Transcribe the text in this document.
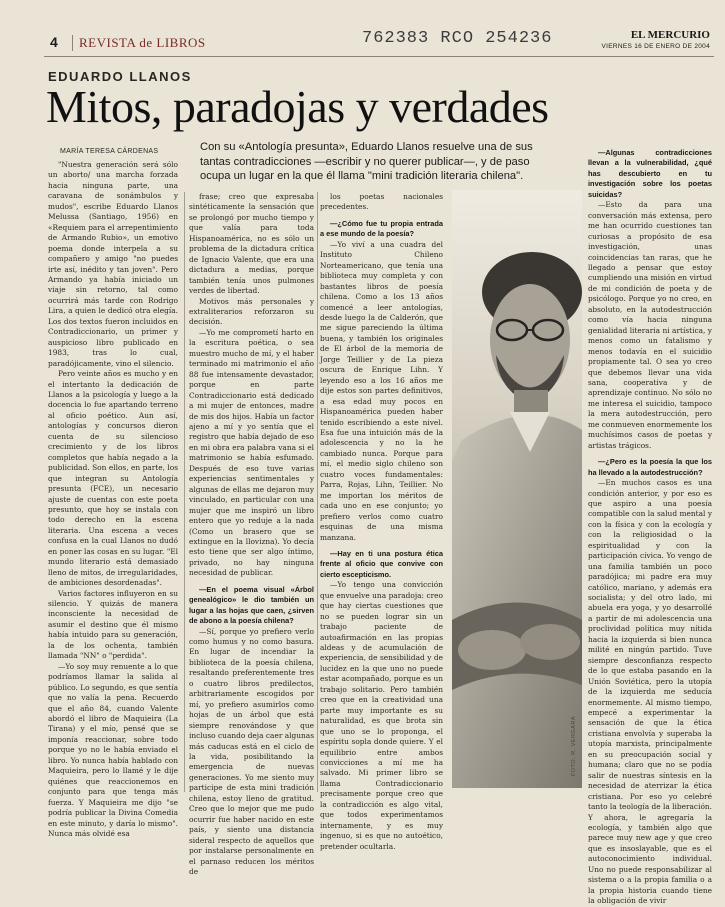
4	REVISTA de LIBROS	762383 RCO 254236	EL MERCURIO
VIERNES 16 DE ENERO DE 2004
EDUARDO LLANOS
Mitos, paradojas y verdades
MARÍA TERESA CÁRDENAS	Con su «Antología presunta», Eduardo Llanos resuelve una de sus tantas contradicciones —escribir y no querer publicar—, y de paso ocupa un lugar en la que él llama "mini tradición literaria chilena".

"Nuestra generación será sólo un aborto/ una marcha forzada hacia ninguna parte, una caravana de sonámbulos y mudos", escribe Eduardo Llanos Melussa (Santiago, 1956) en «Requiem para el arrepentimiento de Armando Rubio», un emotivo poema donde interpela a su compañero y amigo "no puedes irte así, inédito y tan joven". Pero Armando ya había iniciado un viaje sin retorno, tal como ocurrirá más tarde con Rodrigo Lira, a quien le dedicó otra elegía. Los dos textos fueron incluidos en Contradiccionario, un primer y auspicioso libro publicado en 1983, tras lo cual, paradójicamente, vino el silencio.

Pero veinte años es mucho y en el intertanto la dedicación de Llanos a la psicología y luego a la docencia lo fue apartando terreno al oficio poético. Aun así, antologías y concursos dieron cuenta de su silencioso crecimiento y de los libros completos que había negado a la publicidad. Son ellos, en parte, los que integran su Antología presunta (FCE), un necesario ajuste de cuentas con este poeta presunto, que hoy se instala con todo derecho en la escena literaria. Una escena a veces confusa en la cual Llanos no dudó en poner las cosas en su lugar. "El mundo literario está demasiado lleno de mitos, de irregularidades, de ambiciones desordenadas".

Varios factores influyeron en su silencio. Y quizás de manera inconsciente la necesidad de asumir el destino que él mismo había intuido para su generación, la de los ochenta, también llamada "NN" o "perdida".

—Yo soy muy renuente a lo que podríamos llamar la salida al público. Lo segundo, es que sentía que no valía la pena. Recuerdo que el año 84, cuando Valente abordó el libro de Maquieira (La Tirana) y el mío, pensé que se imponía reaccionar, sobre todo porque yo no le había enviado el libro. Yo nunca había hablado con Maquieira, pero lo llamé y le dije quiénes que reaccionemos en conjunto para que tenga más fuerza. Y Maquieira me dijo "se podría publicar la Divina Comedia en este minuto, y daría lo mismo". Nunca más olvidé esa

frase; creo que expresaba sintéticamente la sensación que se prolongó por mucho tiempo y que valía para toda Hispanoamérica, no es sólo un problema de la dictadura crítica de Ignacio Valente, que era una dictadura a medias, porque también tenía unos pulmones verdes de libertad.

Motivos más personales y extraliterarios reforzaron su decisión.

—Yo me comprometí harto en la escritura poética, o sea muestro mucho de mí, y el haber terminado mi matrimonio el año 88 fue intensamente devastador, porque en parte Contradiccionario está dedicado a mi mujer de entonces, madre de mis dos hijos. Había un factor ajeno a mí y yo sentía que el registro que había dejado de eso en mi obra era palabra vana si el matrimonio se había esfumado. Después de eso tuve varias experiencias sentimentales y algunas de ellas me dejaron muy vinculado, en particular con una mujer que me inspiró un libro entero que yo reduje a la nada (Como un brasero que se extingue en la llovizna). Yo decía esto tiene que ser algo íntimo, privado, no hay ninguna necesidad de publicar.

—En el poema visual «Árbol genealógico» le dio también un lugar a las hojas que caen, ¿sirven de abono a la poesía chilena?

—Sí, porque yo prefiero verlo como humus y no como basura. En lugar de incendiar la biblioteca de la poesía chilena, resaltando preferentemente tres o cuatro libros predilectos, arbitrariamente escogidos por mí, yo prefiero asumirlos como hojas de un árbol que está siempre renovándose y que incluso cuando deja caer algunas más caducas está en el ciclo de la vida, posibilitando la emergencia de nuevas generaciones. Yo me siento muy participe de esta mini tradición chilena, estoy lleno de gratitud. Creo que lo mejor que me pudo ocurrir fue haber nacido en este país, y siento una distancia sideral respecto de aquellos que por instalarse personalmente en el parnaso reducen los méritos de

los poetas nacionales precedentes.

—¿Cómo fue tu propia entrada a ese mundo de la poesía?

—Yo viví a una cuadra del Instituto Chileno Norteamericano, que tenía una biblioteca muy completa y con bastantes libros de poesía chilena. Como a los 13 años comencé a leer antologías, desde luego la de Calderón, que me sigue pareciendo la última buena, y también los originales de El árbol de la memoria de Jorge Teillier y de La pieza oscura de Enrique Lihn. Y leyendo eso a los 16 años me dije estos son partes definitivos, a esa edad muy pocos en Hispanoamérica pueden haber tenido escribiendo a este nivel. Esa fue una intuición más de la adolescencia y no la he cambiado nunca. Porque para mí, el medio siglo chileno son cuatro voces fundamentales: Parra, Rojas, Lihn, Teillier. No me importan los méritos de cada uno en ese conjunto; yo prefiero verlos como cuatro esquinas de una misma manzana.

—Hay en ti una postura ética frente al oficio que convive con cierto escepticismo.

—Yo tengo una convicción que envuelve una paradoja: creo que hay ciertas cuestiones que no se pueden lograr sin un trabajo paciente de autoafirmación en las propias aldeas y de acumulación de experiencia, de sensibilidad y de lucidez en la que uno no puede estar acompañado, porque es un trabajo solitario. Pero también creo que en la creatividad una parte muy importante es su naturalidad, es que brota sin que uno se lo proponga, el espíritu sopla donde quiere. Y el equilibrio entre ambos convicciones a mí me ha salvado. Mi primer libro se llama Contradiccionario precisamente porque creo que la contradicción es algo vital, que todos experimentamos internamente, y es muy ingenuo, si es que no autoético, pretender ocultarla.

FOTO: R. VERGARA

—Algunas contradicciones llevan a la vulnerabilidad, ¿qué has descubierto en tu investigación sobre los poetas suicidas?

—Esto da para una conversación más extensa, pero me han ocurrido cuestiones tan curiosas a propósito de esa investigación, unas coincidencias tan raras, que he llegado a pensar que estoy cumpliendo una misión en virtud de mi condición de poeta y de psicólogo. Porque yo no creo, en absoluto, en la autodestrucción como vía hacia ninguna genialidad literaria ni artística, y menos como un fatalismo y menos todavía en el suicidio propiamente tal. O sea yo creo que debemos llevar una vida sana, cooperativa y de aprendizaje continuo. No sólo no me interesa el suicidio, tampoco la mera autodestrucción, pero me conmueven enormemente los muchísimos casos de poetas y artistas trágicos.

—¿Pero es la poesía la que los ha llevado a la autodestrucción?

—En muchos casos es una condición anterior, y por eso es que aspiro a una poesía compatible con la salud mental y con la física y con la ecología y con la religiosidad o la espiritualidad y con la participación cívica. Yo vengo de una familia también un poco paradójica; mi padre era muy católico, mariano, y además era socialista; y del otro lado, mi abuela era yoga, y yo desarrollé a partir de mi adolescencia una proclividad política muy nítida hacia la izquierda si bien nunca milité en ningún partido. Tuve siempre desconfianza respecto de lo que estaba pasando en la Unión Soviética, pero la utopía de la izquierda me seducía enormemente. Al mismo tiempo, empecé a experimentar la sensación de que la ética cristiana envolvía y superaba la utopía marxista, principalmente en su preocupación social y humana; claro que no se podía salir de nuestras síntesis en la necesidad de aterrizar la ética cristiana. Por eso yo celebré tanto la teología de la liberación. Y ahora, le agregaría la ecología, y también algo que parece muy new age y que creo que es insoslayable, que es el autoconocimiento individual. Uno no puede responsabilizar al sistema o a la propia familia o a la propia historia cuando tiene la obligación de vivir
